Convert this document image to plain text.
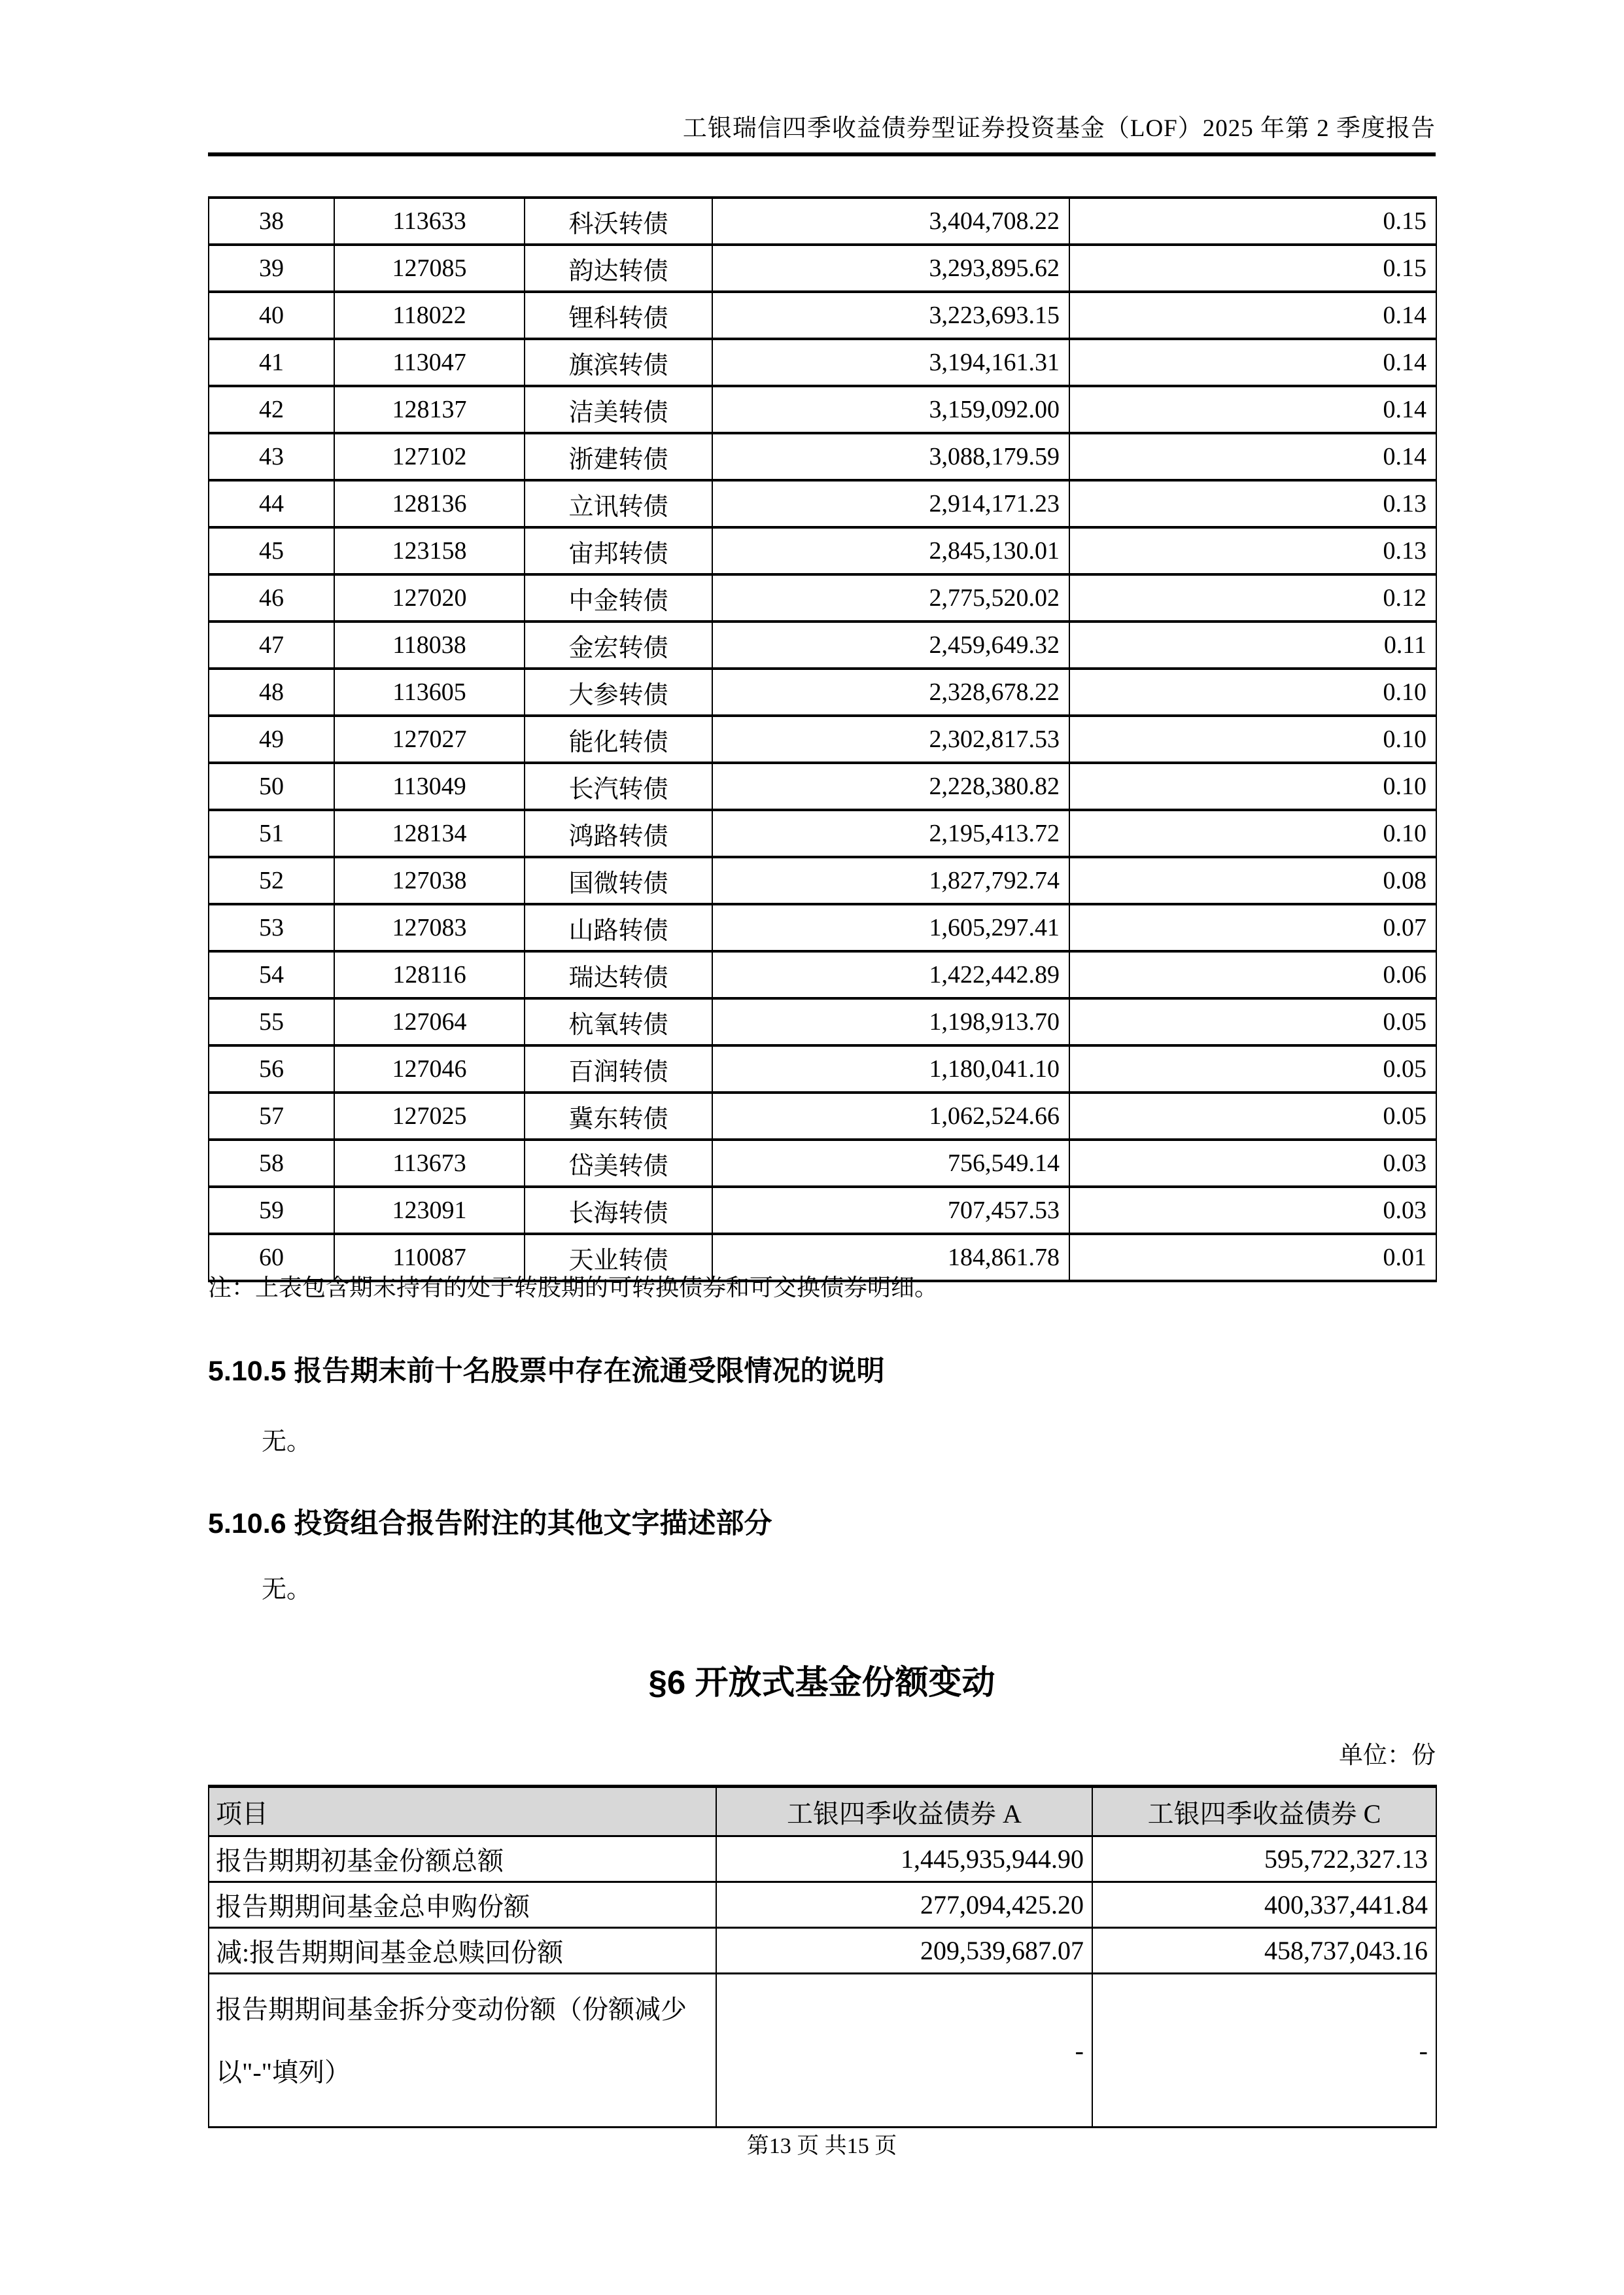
工银瑞信四季收益债券型证券投资基金（LOF）2025 年第 2 季度报告
38	113633	科沃转债	3,404,708.22	0.15
39	127085	韵达转债	3,293,895.62	0.15
40	118022	锂科转债	3,223,693.15	0.14
41	113047	旗滨转债	3,194,161.31	0.14
42	128137	洁美转债	3,159,092.00	0.14
43	127102	浙建转债	3,088,179.59	0.14
44	128136	立讯转债	2,914,171.23	0.13
45	123158	宙邦转债	2,845,130.01	0.13
46	127020	中金转债	2,775,520.02	0.12
47	118038	金宏转债	2,459,649.32	0.11
48	113605	大参转债	2,328,678.22	0.10
49	127027	能化转债	2,302,817.53	0.10
50	113049	长汽转债	2,228,380.82	0.10
51	128134	鸿路转债	2,195,413.72	0.10
52	127038	国微转债	1,827,792.74	0.08
53	127083	山路转债	1,605,297.41	0.07
54	128116	瑞达转债	1,422,442.89	0.06
55	127064	杭氧转债	1,198,913.70	0.05
56	127046	百润转债	1,180,041.10	0.05
57	127025	冀东转债	1,062,524.66	0.05
58	113673	岱美转债	756,549.14	0.03
59	123091	长海转债	707,457.53	0.03
60	110087	天业转债	184,861.78	0.01
注：上表包含期末持有的处于转股期的可转换债券和可交换债券明细。
5.10.5 报告期末前十名股票中存在流通受限情况的说明
无。
5.10.6 投资组合报告附注的其他文字描述部分
无。
§6 开放式基金份额变动
单位：份
项目	工银四季收益债券 A	工银四季收益债券 C
报告期期初基金份额总额	1,445,935,944.90	595,722,327.13
报告期期间基金总申购份额	277,094,425.20	400,337,441.84
减:报告期期间基金总赎回份额	209,539,687.07	458,737,043.16
报告期期间基金拆分变动份额（份额减少以"-"填列）	-	-
第13 页 共15 页
